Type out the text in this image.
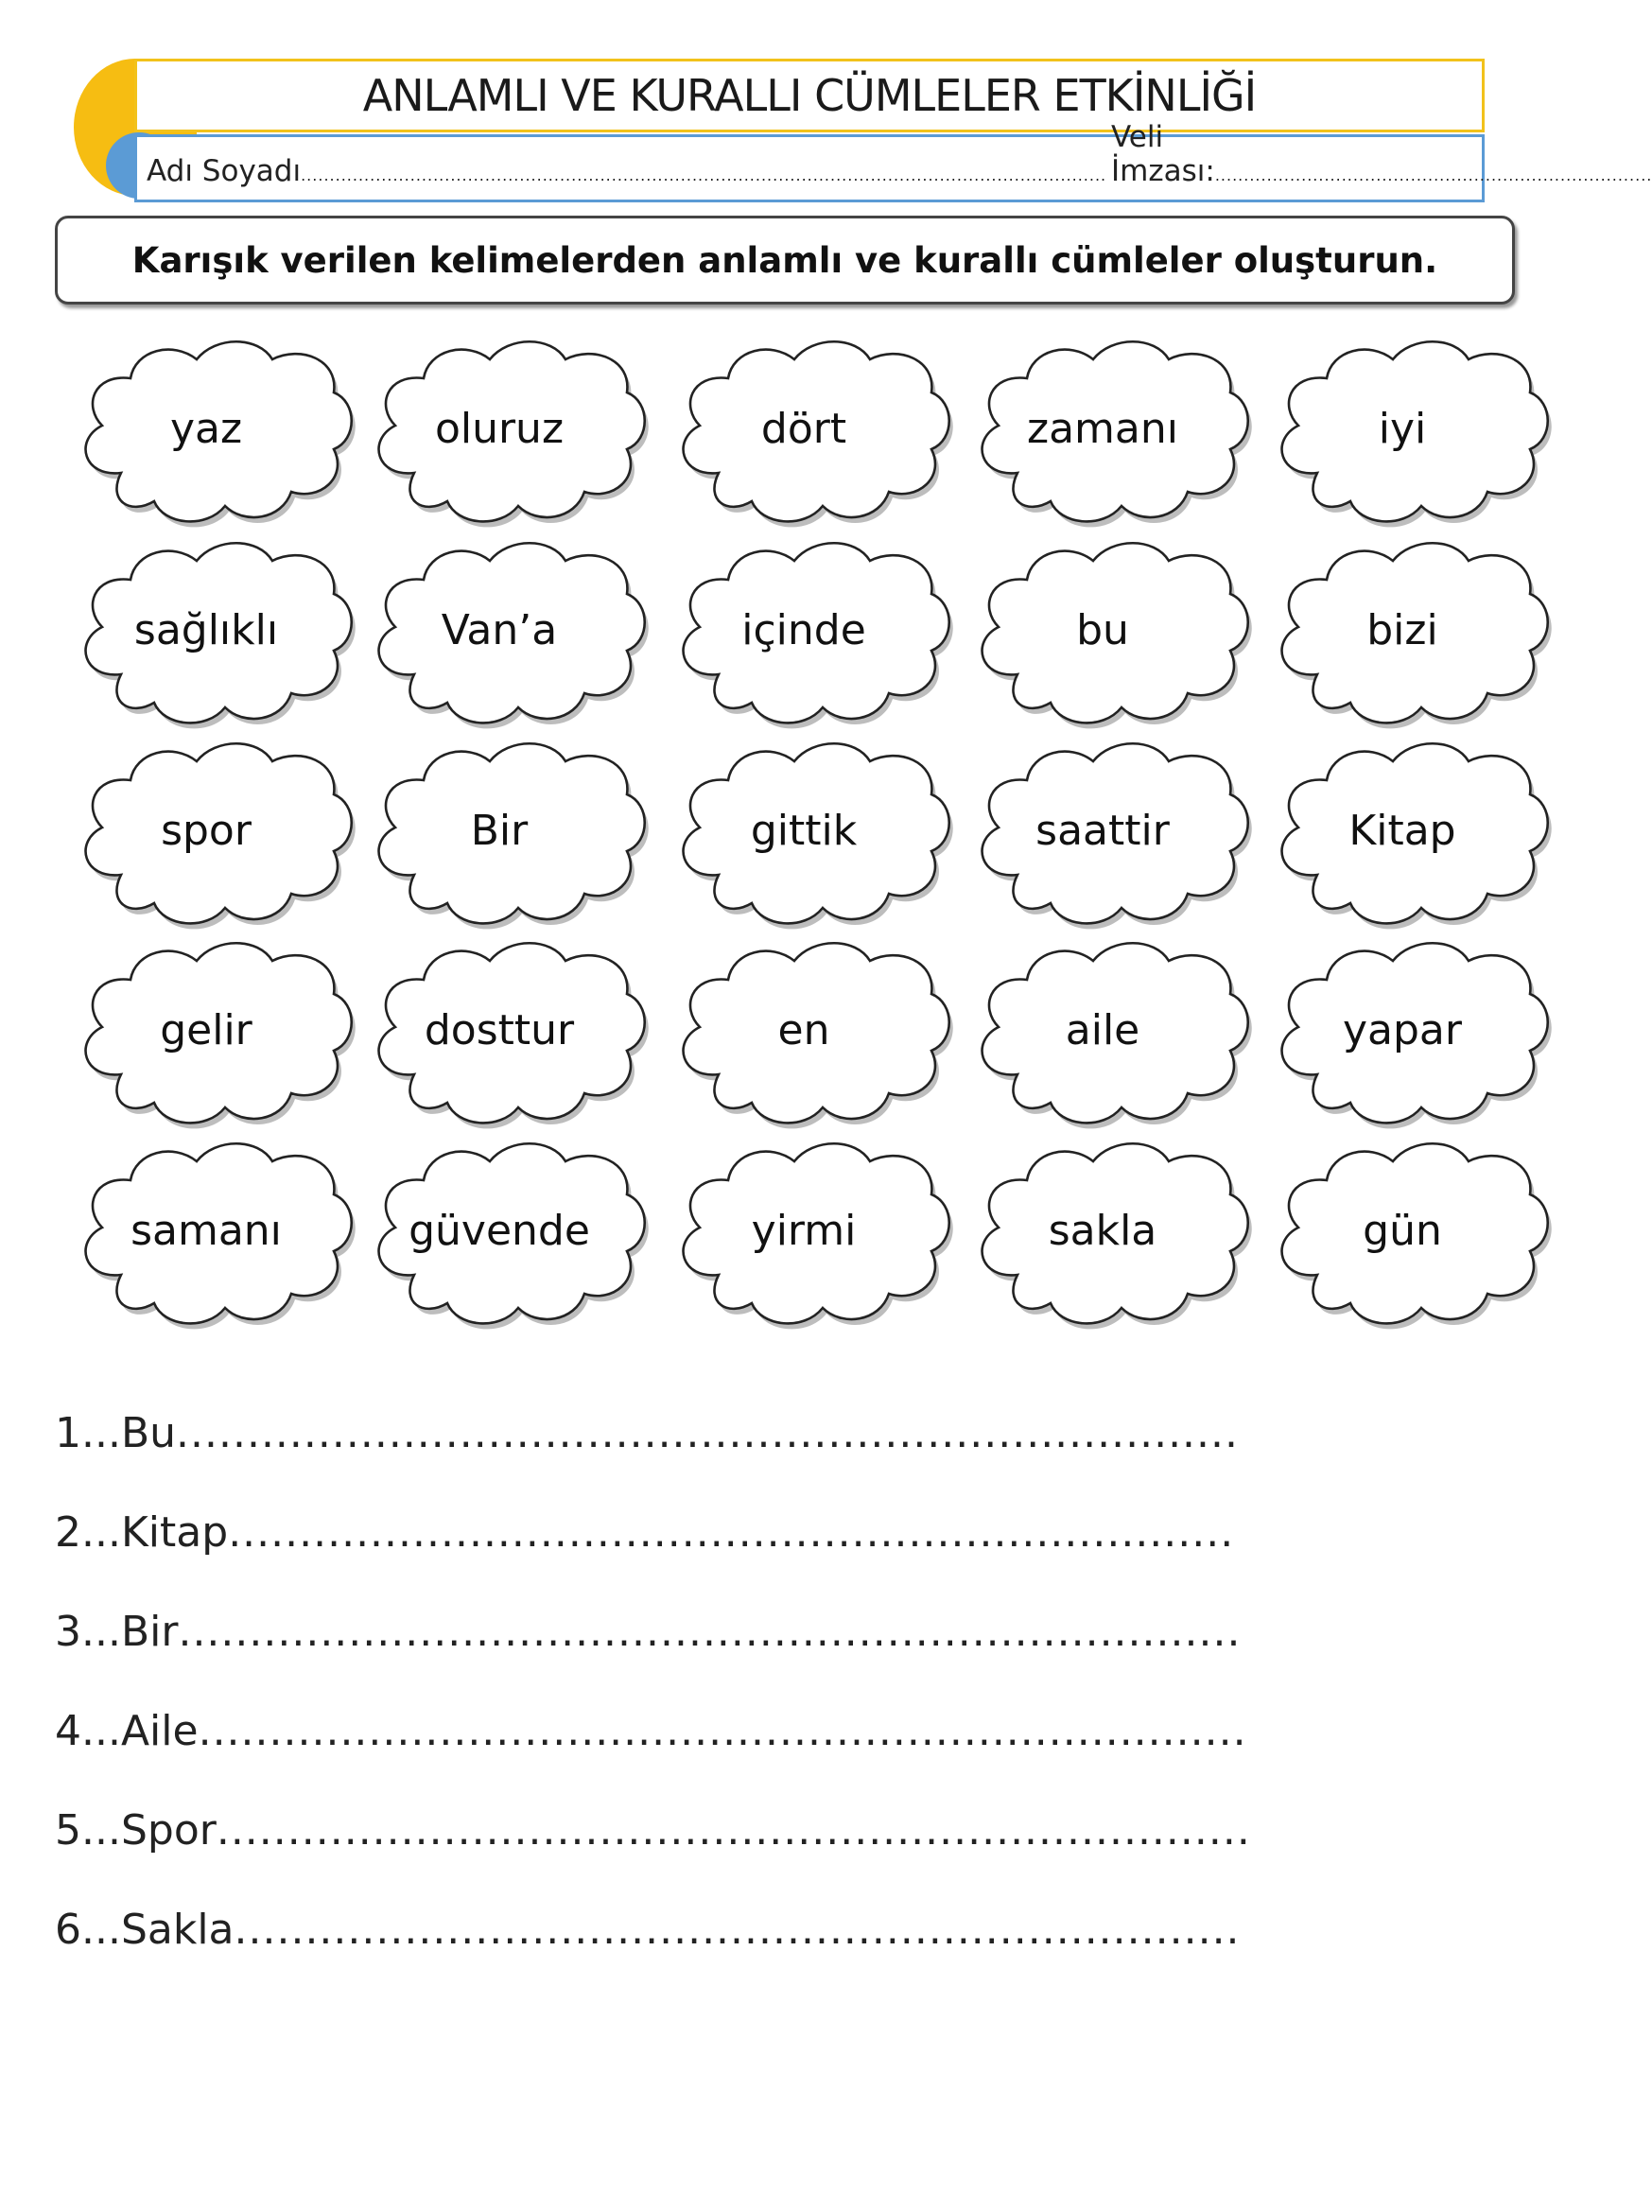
ANLAMLI VE KURALLI CÜMLELER ETKİNLİĞİ
Adı Soyadı............................................................................................................................................
Veli İmzası:............................................................................
Karışık verilen kelimelerden anlamlı ve kurallı cümleler oluşturun.
yaz	oluruz	dört	zamanı	iyi
sağlıklı	Van’a	içinde	bu	bizi
spor	Bir	gittik	saattir	Kitap
gelir	dosttur	en	aile	yapar
samanı	güvende	yirmi	sakla	gün
1...Bu...........................................................................
2...Kitap.......................................................................
3...Bir...........................................................................
4...Aile..........................................................................
5...Spor.........................................................................
6...Sakla.......................................................................
